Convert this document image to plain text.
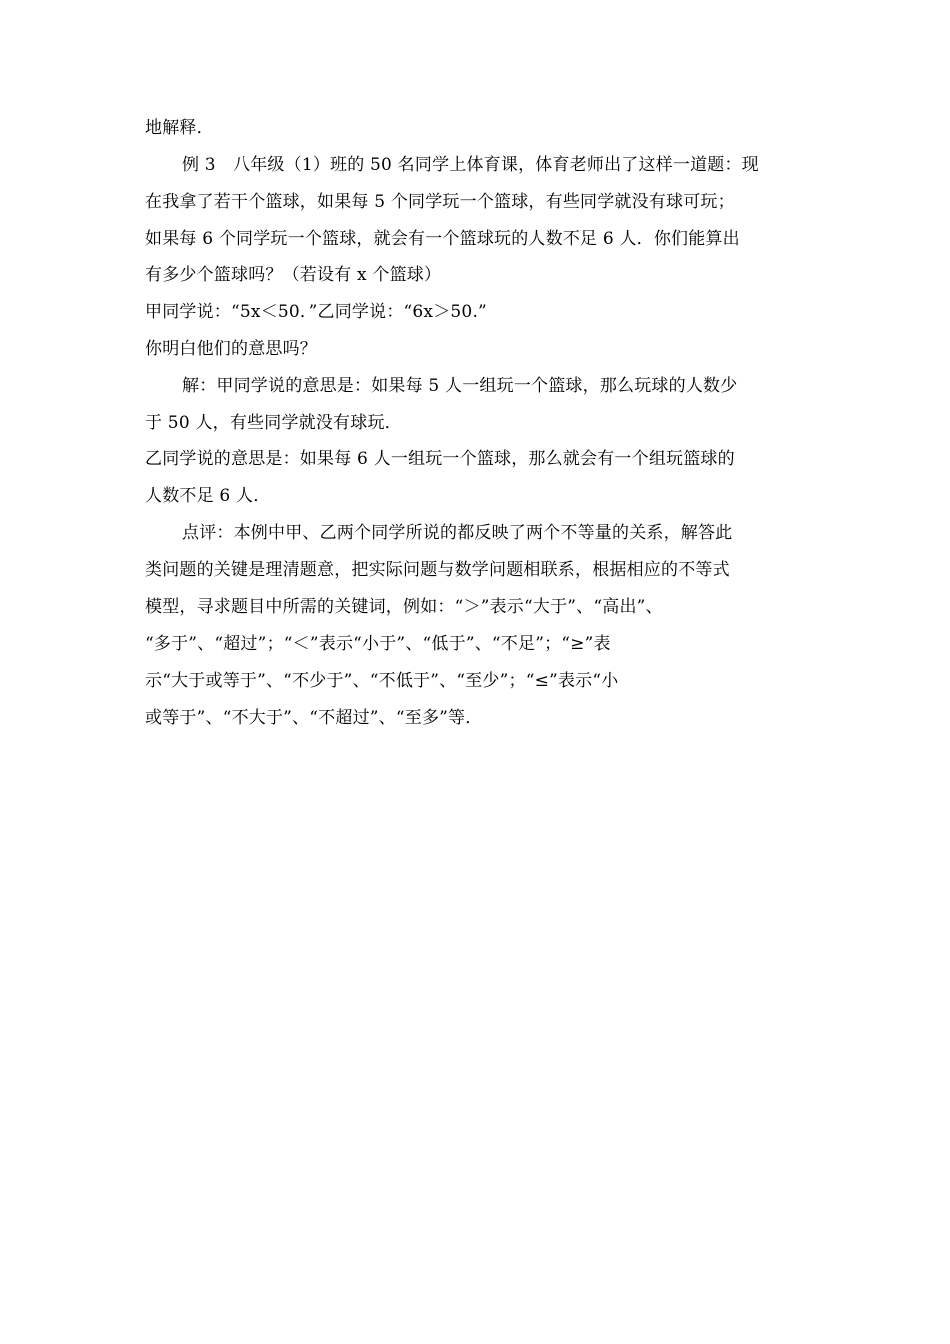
地解释．
例 3　八年级（1）班的 50 名同学上体育课，体育老师出了这样一道题：现
在我拿了若干个篮球，如果每 5 个同学玩一个篮球，有些同学就没有球可玩；
如果每 6 个同学玩一个篮球，就会有一个篮球玩的人数不足 6 人．你们能算出
有多少个篮球吗？（若设有 x 个篮球）
甲同学说：“5x＜50．”乙同学说：“6x＞50.”
你明白他们的意思吗？
解：甲同学说的意思是：如果每 5 人一组玩一个篮球，那么玩球的人数少
于 50 人，有些同学就没有球玩．
乙同学说的意思是：如果每 6 人一组玩一个篮球，那么就会有一个组玩篮球的
人数不足 6 人．
点评：本例中甲、乙两个同学所说的都反映了两个不等量的关系，解答此
类问题的关键是理清题意，把实际问题与数学问题相联系，根据相应的不等式
模型，寻求题目中所需的关键词，例如：“＞”表示“大于”、“高出”、
“多于”、“超过”；“＜”表示“小于”、“低于”、“不足”；“≥”表
示“大于或等于”、“不少于”、“不低于”、“至少”；“≤”表示“小
或等于”、“不大于”、“不超过”、“至多”等．
